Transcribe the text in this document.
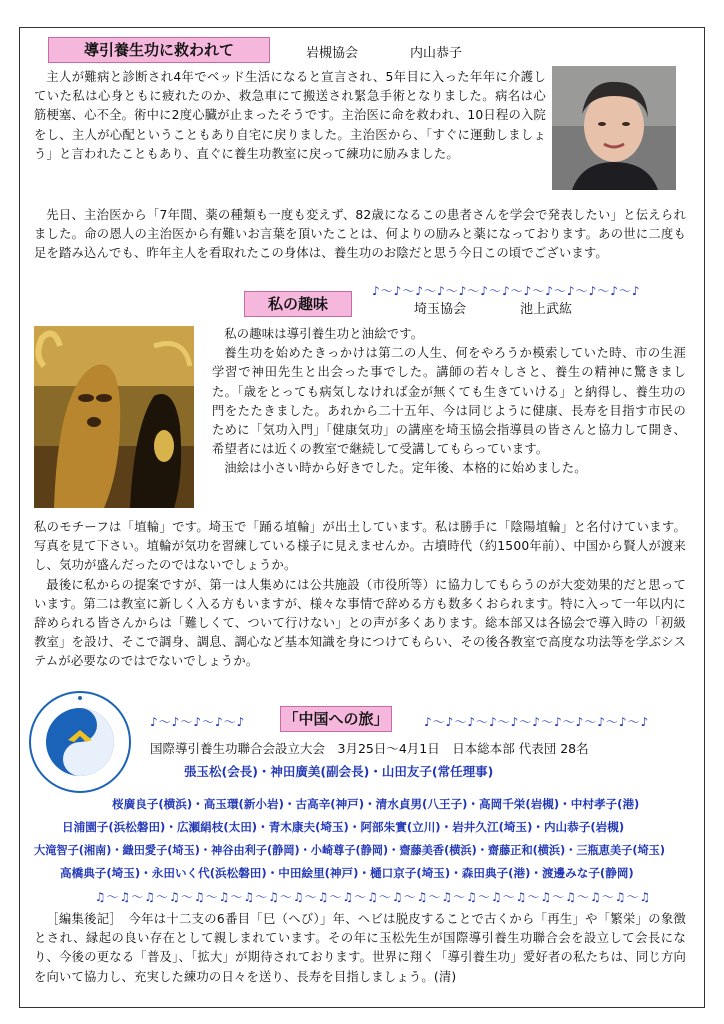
導引養生功に救われて	岩槻協会	内山恭子

主人が難病と診断され4年でベッド生活になると宣言され、5年目に入った年年に介護していた私は心身ともに疲れたのか、救急車にて搬送され緊急手術となりました。病名は心筋梗塞、心不全。術中に2度心臓が止まったそうです。主治医に命を救われ、10日程の入院をし、主人が心配ということもあり自宅に戻りました。主治医から、「すぐに運動しましょう」と言われたこともあり、直ぐに養生功教室に戻って練功に励みました。

先日、主治医から「7年間、薬の種類も一度も変えず、82歳になるこの患者さんを学会で発表したい」と伝えられました。命の恩人の主治医から有難いお言葉を頂いたことは、何よりの励みと薬になっております。あの世に二度も足を踏み込んでも、昨年主人を看取れたこの身体は、養生功のお陰だと思う今日この頃でございます。

♪～♪～♪～♪～♪～♪～♪～♪～♪～♪～♪～♪～♪
私の趣味	埼玉協会	池上武紘

私の趣味は導引養生功と油絵です。

養生功を始めたきっかけは第二の人生、何をやろうか模索していた時、市の生涯学習で神田先生と出会った事でした。講師の若々しさと、養生の精神に驚きました。「歳をとっても病気しなければ金が無くても生きていける」と納得し、養生功の門をたたきました。あれから二十五年、今は同じように健康、長寿を目指す市民のために「気功入門」「健康気功」の講座を埼玉協会指導員の皆さんと協力して開き、希望者には近くの教室で継続して受講してもらっています。

油絵は小さい時から好きでした。定年後、本格的に始めました。

私のモチーフは「埴輪」です。埼玉で「踊る埴輪」が出土しています。私は勝手に「陰陽埴輪」と名付けています。写真を見て下さい。埴輪が気功を習練している様子に見えませんか。古墳時代（約1500年前）、中国から賢人が渡来し、気功が盛んだったのではないでしょうか。

最後に私からの提案ですが、第一は人集めには公共施設（市役所等）に協力してもらうのが大変効果的だと思っています。第二は教室に新しく入る方もいますが、様々な事情で辞める方も数多くおられます。特に入って一年以内に辞められる皆さんからは「難しくて、ついて行けない」との声が多くあります。総本部又は各協会で導入時の「初級教室」を設け、そこで調身、調息、調心など基本知識を身につけてもらい、その後各教室で高度な功法等を学ぶシステムが必要なのではでないでしょうか。

♪～♪～♪～♪～♪	「中国への旅」	♪～♪～♪～♪～♪～♪～♪～♪～♪～♪～♪
国際導引養生功聯合会設立大会　3月25日～4月1日　日本総本部 代表団 28名
張玉松(会長)・神田廣美(副会長)・山田友子(常任理事)
桜廣良子(横浜)・高玉環(新小岩)・古高辛(神戸)・清水貞男(八王子)・高岡千栄(岩槻)・中村孝子(港)
日浦園子(浜松磐田)・広瀬絹枝(太田)・青木康夫(埼玉)・阿部朱實(立川)・岩井久江(埼玉)・内山恭子(岩槻)
大滝智子(湘南)・織田愛子(埼玉)・神谷由利子(静岡)・小崎尊子(静岡)・齋藤美香(横浜)・齋藤正和(横浜)・三瓶恵美子(埼玉)
高橋典子(埼玉)・永田いく代(浜松磐田)・中田絵里(神戸)・樋口京子(埼玉)・森田典子(港)・渡邊みな子(静岡)
♫～♫～♫～♫～♫～♫～♫～♫～♫～♫～♫～♫～♫～♫～♫～♫～♫～♫～♫～♫～♫～♫～♫

［編集後記］　今年は十二支の6番目「巳（へび）」年、ヘビは脱皮することで古くから「再生」や「繁栄」の象徴とされ、縁起の良い存在として親しまれています。その年に玉松先生が国際導引養生功聯合会を設立して会長になり、今後の更なる「普及」、「拡大」が期待されております。世界に翔く「導引養生功」愛好者の私たちは、同じ方向を向いて協力し、充実した練功の日々を送り、長寿を目指しましょう。(清)
